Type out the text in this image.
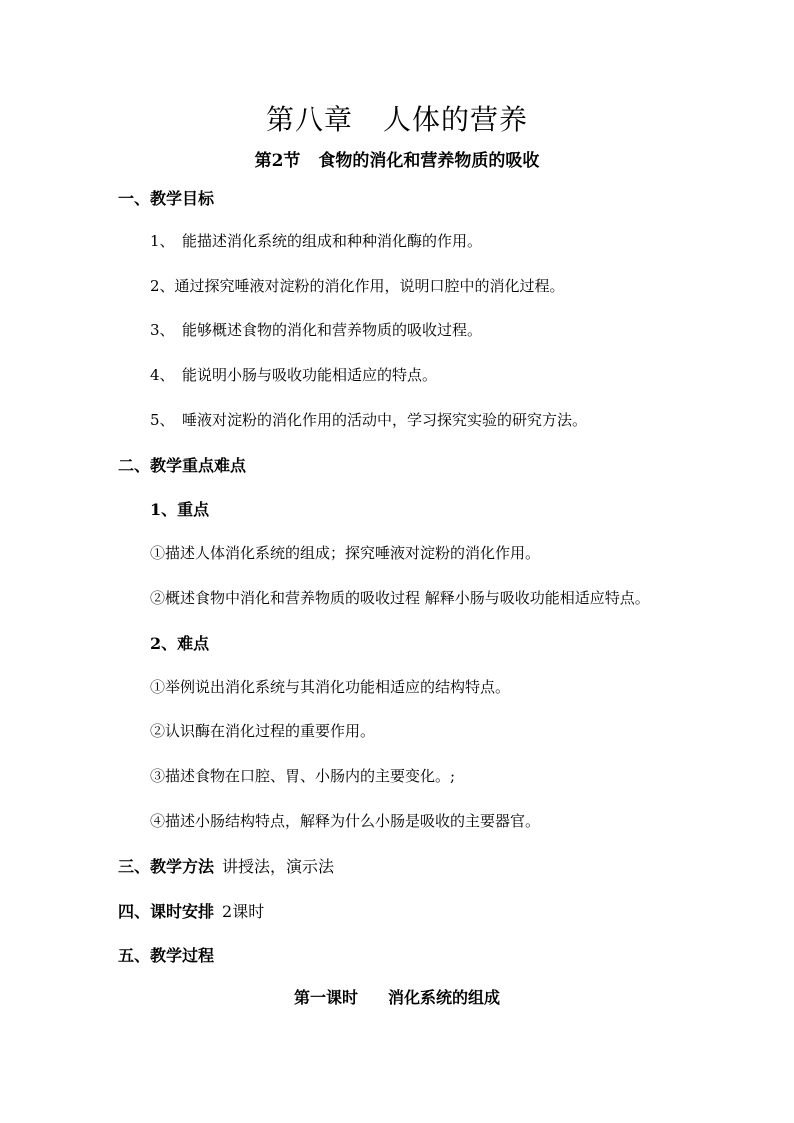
第八章 人体的营养
第2节 食物的消化和营养物质的吸收
一、教学目标
1、 能描述消化系统的组成和种种消化酶的作用。
2、通过探究唾液对淀粉的消化作用，说明口腔中的消化过程。
3、 能够概述食物的消化和营养物质的吸收过程。
4、 能说明小肠与吸收功能相适应的特点。
5、 唾液对淀粉的消化作用的活动中，学习探究实验的研究方法。
二、教学重点难点
1、重点
①描述人体消化系统的组成；探究唾液对淀粉的消化作用。
②概述食物中消化和营养物质的吸收过程 解释小肠与吸收功能相适应特点。
2、难点
①举例说出消化系统与其消化功能相适应的结构特点。
②认识酶在消化过程的重要作用。
③描述食物在口腔、胃、小肠内的主要变化。;
④描述小肠结构特点，解释为什么小肠是吸收的主要器官。
三、教学方法 讲授法，演示法
四、课时安排 2课时
五、教学过程
第一课时 消化系统的组成
